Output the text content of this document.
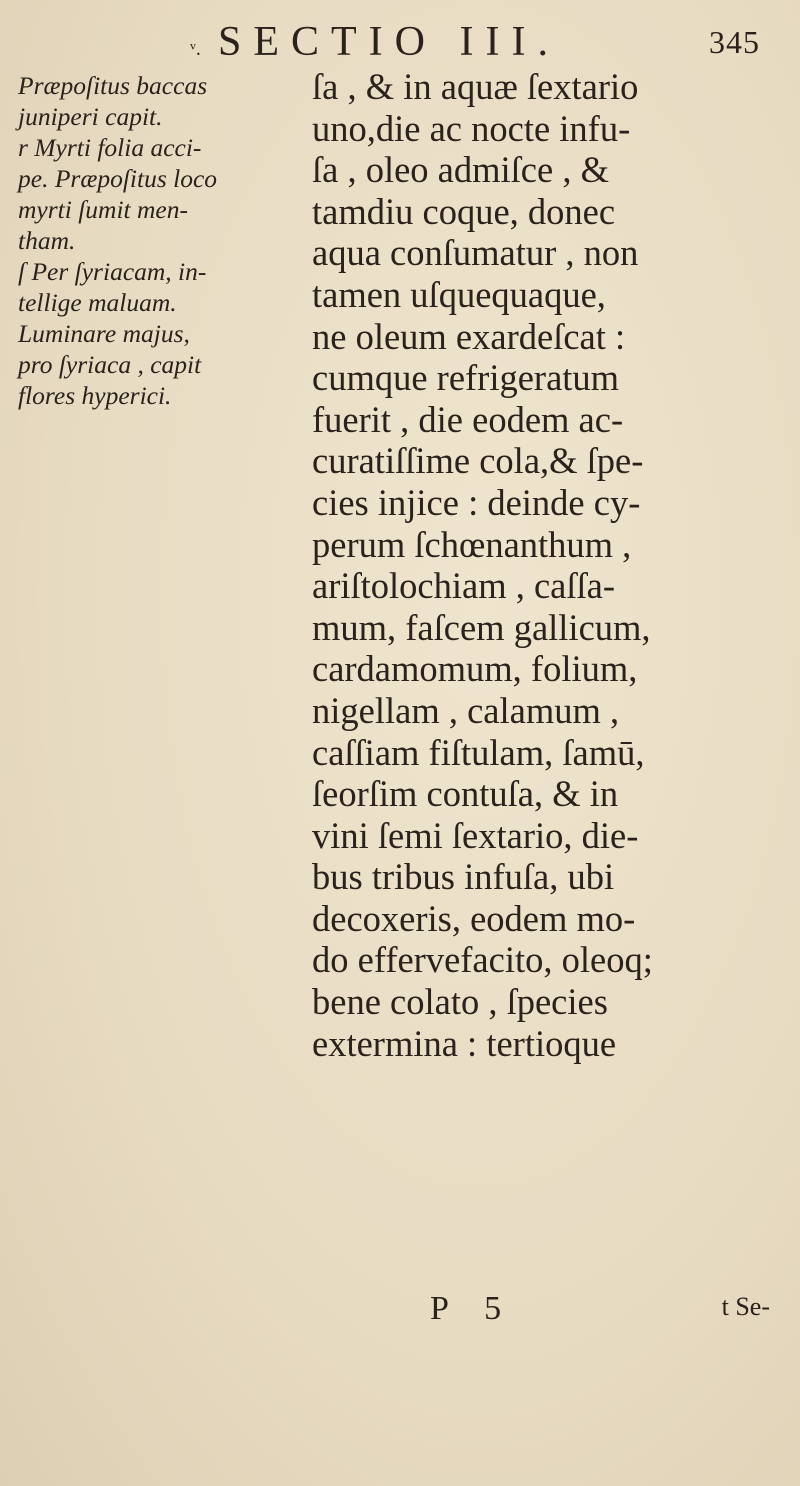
ᵛ. SECTIO III.	345

Præpoſitus baccas
juniperi capit.

r Myrti folia acci-
pe. Præpoſitus loco
myrti ſumit men-
tham.

ſ Per ſyriacam, in-
tellige maluam.
Luminare majus,
pro ſyriaca , capit
flores hyperici.

ſa , & in aquæ ſextario
uno,die ac nocte infu-
ſa , oleo admiſce , &
tamdiu coque, donec
aqua conſumatur , non
tamen uſquequaque,
ne oleum exardeſcat :
cumque refrigeratum
fuerit , die eodem ac-
curatiſſime cola,& ſpe-
cies injice : deinde cy-
perum ſchœnanthum ,
ariſtolochiam , caſſa-
mum, faſcem gallicum,
cardamomum, folium,
nigellam , calamum ,
caſſiam fiſtulam, ſamū,
ſeorſim contuſa, & in
vini ſemi ſextario, die-
bus tribus infuſa, ubi
decoxeris, eodem mo-
do effervefacito, oleoq;
bene colato , ſpecies
extermina : tertioque
P 5	t Se-
